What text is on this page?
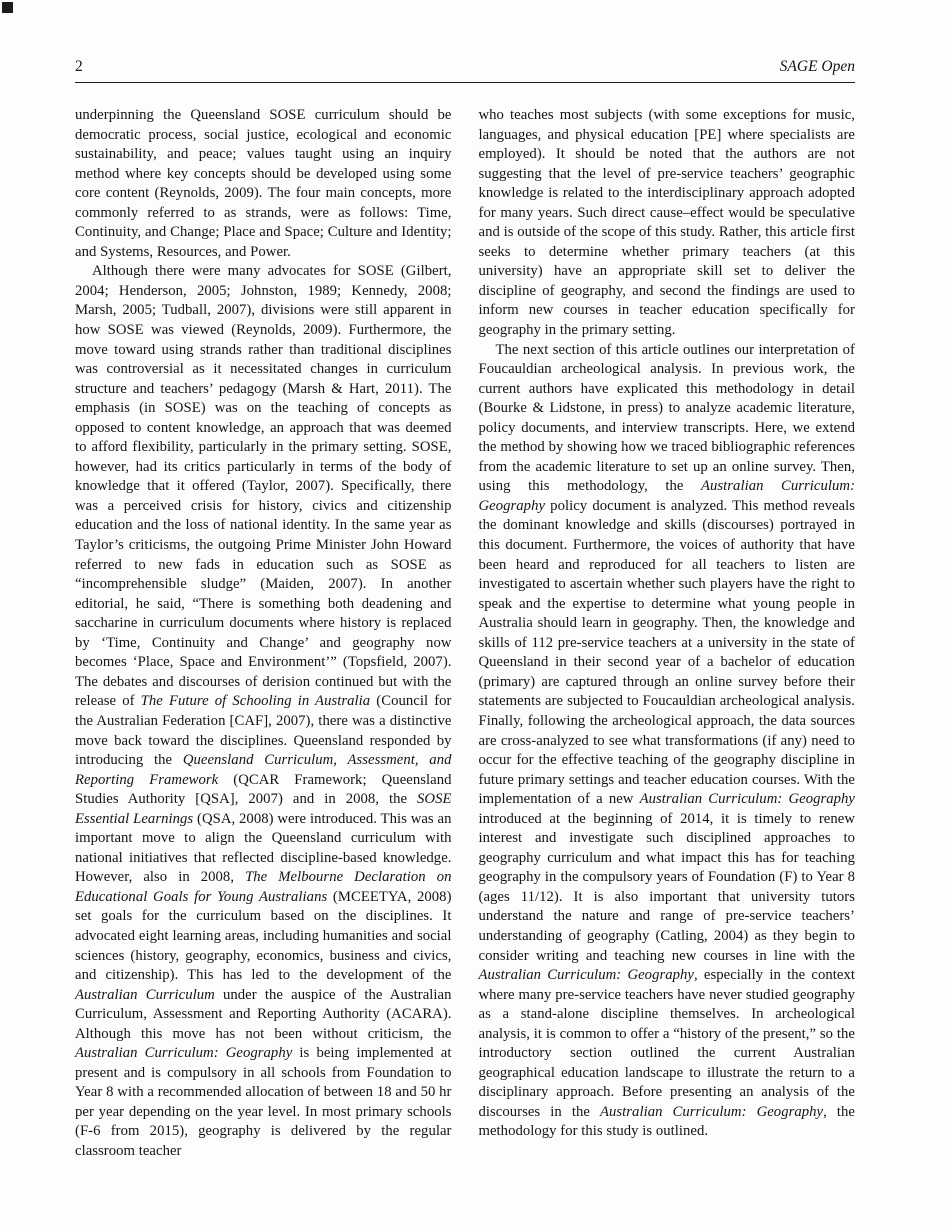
2	SAGE Open

underpinning the Queensland SOSE curriculum should be democratic process, social justice, ecological and economic sustainability, and peace; values taught using an inquiry method where key concepts should be developed using some core content (Reynolds, 2009). The four main concepts, more commonly referred to as strands, were as follows: Time, Continuity, and Change; Place and Space; Culture and Identity; and Systems, Resources, and Power.

Although there were many advocates for SOSE (Gilbert, 2004; Henderson, 2005; Johnston, 1989; Kennedy, 2008; Marsh, 2005; Tudball, 2007), divisions were still apparent in how SOSE was viewed (Reynolds, 2009). Furthermore, the move toward using strands rather than traditional disciplines was controversial as it necessitated changes in curriculum structure and teachers’ pedagogy (Marsh & Hart, 2011). The emphasis (in SOSE) was on the teaching of concepts as opposed to content knowledge, an approach that was deemed to afford flexibility, particularly in the primary setting. SOSE, however, had its critics particularly in terms of the body of knowledge that it offered (Taylor, 2007). Specifically, there was a perceived crisis for history, civics and citizenship education and the loss of national identity. In the same year as Taylor’s criticisms, the outgoing Prime Minister John Howard referred to new fads in education such as SOSE as “incomprehensible sludge” (Maiden, 2007). In another editorial, he said, “There is something both deadening and saccharine in curriculum documents where history is replaced by ‘Time, Continuity and Change’ and geography now becomes ‘Place, Space and Environment’” (Topsfield, 2007). The debates and discourses of derision continued but with the release of The Future of Schooling in Australia (Council for the Australian Federation [CAF], 2007), there was a distinctive move back toward the disciplines. Queensland responded by introducing the Queensland Curriculum, Assessment, and Reporting Framework (QCAR Framework; Queensland Studies Authority [QSA], 2007) and in 2008, the SOSE Essential Learnings (QSA, 2008) were introduced. This was an important move to align the Queensland curriculum with national initiatives that reflected discipline-based knowledge. However, also in 2008, The Melbourne Declaration on Educational Goals for Young Australians (MCEETYA, 2008) set goals for the curriculum based on the disciplines. It advocated eight learning areas, including humanities and social sciences (history, geography, economics, business and civics, and citizenship). This has led to the development of the Australian Curriculum under the auspice of the Australian Curriculum, Assessment and Reporting Authority (ACARA). Although this move has not been without criticism, the Australian Curriculum: Geography is being implemented at present and is compulsory in all schools from Foundation to Year 8 with a recommended allocation of between 18 and 50 hr per year depending on the year level. In most primary schools (F-6 from 2015), geography is delivered by the regular classroom teacher

who teaches most subjects (with some exceptions for music, languages, and physical education [PE] where specialists are employed). It should be noted that the authors are not suggesting that the level of pre-service teachers’ geographic knowledge is related to the interdisciplinary approach adopted for many years. Such direct cause–effect would be speculative and is outside of the scope of this study. Rather, this article first seeks to determine whether primary teachers (at this university) have an appropriate skill set to deliver the discipline of geography, and second the findings are used to inform new courses in teacher education specifically for geography in the primary setting.

The next section of this article outlines our interpretation of Foucauldian archeological analysis. In previous work, the current authors have explicated this methodology in detail (Bourke & Lidstone, in press) to analyze academic literature, policy documents, and interview transcripts. Here, we extend the method by showing how we traced bibliographic references from the academic literature to set up an online survey. Then, using this methodology, the Australian Curriculum: Geography policy document is analyzed. This method reveals the dominant knowledge and skills (discourses) portrayed in this document. Furthermore, the voices of authority that have been heard and reproduced for all teachers to listen are investigated to ascertain whether such players have the right to speak and the expertise to determine what young people in Australia should learn in geography. Then, the knowledge and skills of 112 pre-service teachers at a university in the state of Queensland in their second year of a bachelor of education (primary) are captured through an online survey before their statements are subjected to Foucauldian archeological analysis. Finally, following the archeological approach, the data sources are cross-analyzed to see what transformations (if any) need to occur for the effective teaching of the geography discipline in future primary settings and teacher education courses. With the implementation of a new Australian Curriculum: Geography introduced at the beginning of 2014, it is timely to renew interest and investigate such disciplined approaches to geography curriculum and what impact this has for teaching geography in the compulsory years of Foundation (F) to Year 8 (ages 11/12). It is also important that university tutors understand the nature and range of pre-service teachers’ understanding of geography (Catling, 2004) as they begin to consider writing and teaching new courses in line with the Australian Curriculum: Geography, especially in the context where many pre-service teachers have never studied geography as a stand-alone discipline themselves. In archeological analysis, it is common to offer a “history of the present,” so the introductory section outlined the current Australian geographical education landscape to illustrate the return to a disciplinary approach. Before presenting an analysis of the discourses in the Australian Curriculum: Geography, the methodology for this study is outlined.
